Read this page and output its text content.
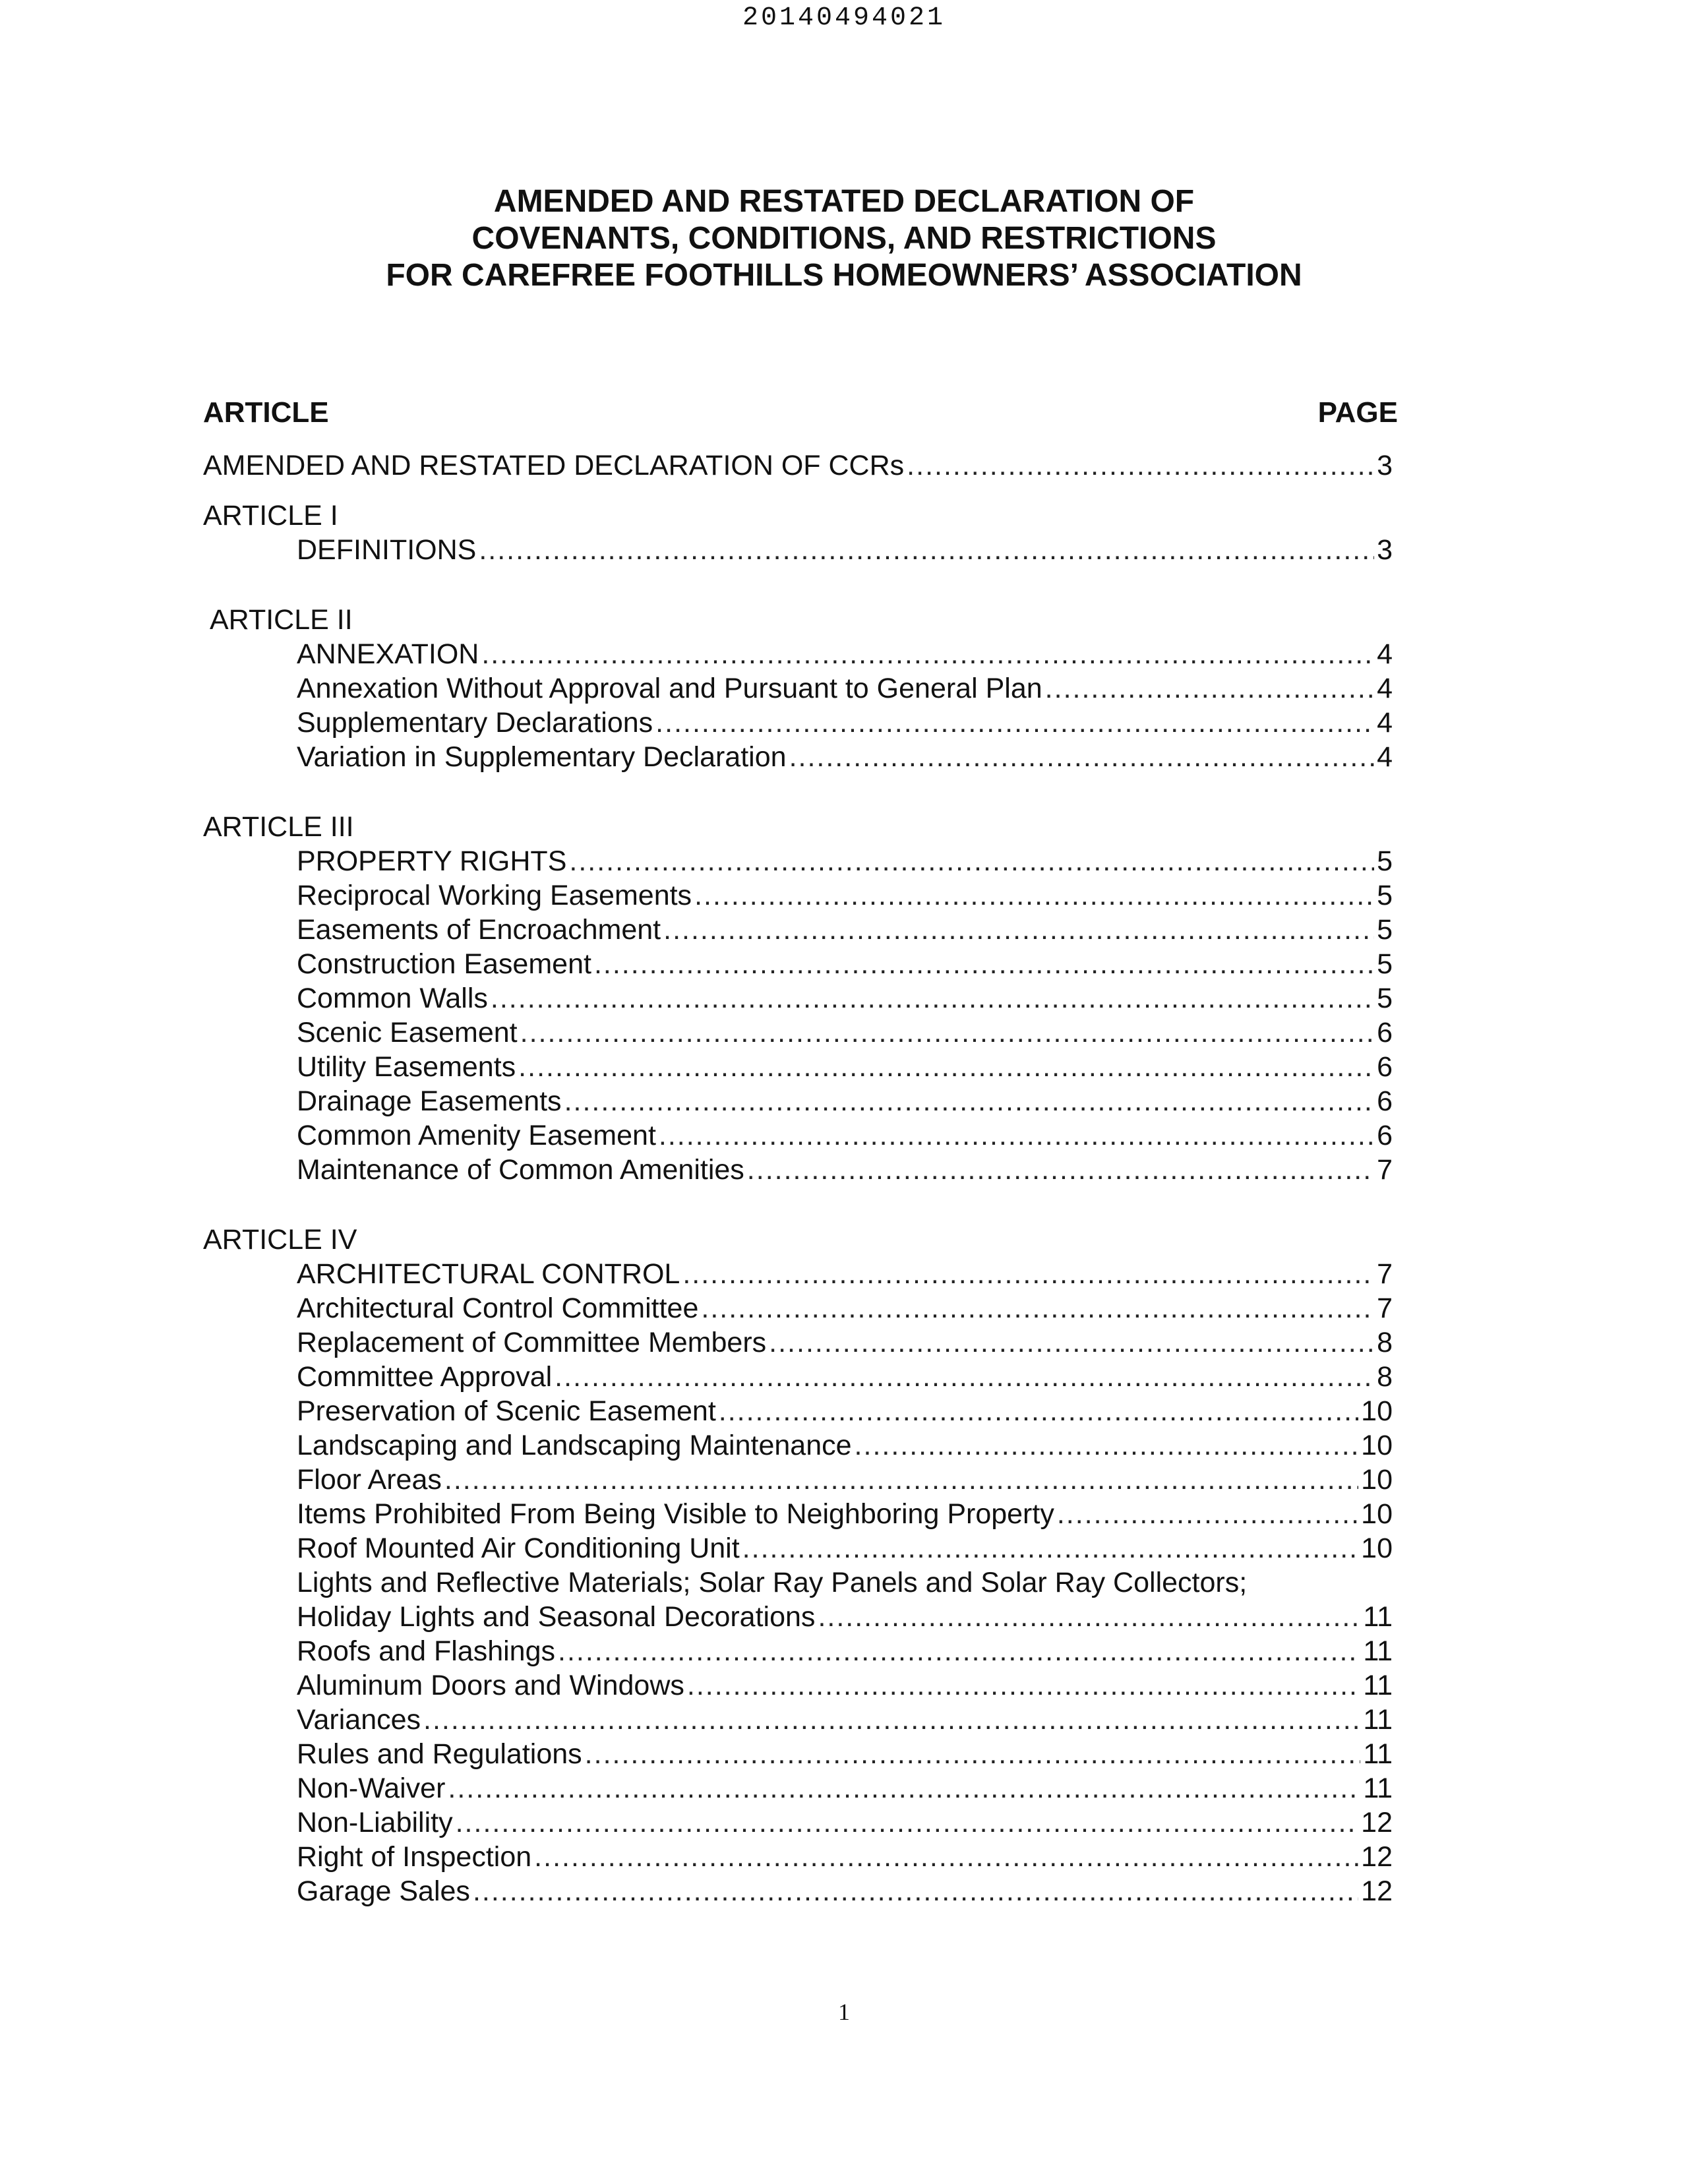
20140494021
AMENDED AND RESTATED DECLARATION OF
COVENANTS, CONDITIONS, AND RESTRICTIONS
FOR CAREFREE FOOTHILLS HOMEOWNERS’ ASSOCIATION
ARTICLE	PAGE
AMENDED AND RESTATED DECLARATION OF CCRs .....	3
ARTICLE I
DEFINITIONS .....	3
ARTICLE II
ANNEXATION .....	4
Annexation Without Approval and Pursuant to General Plan .....	4
Supplementary Declarations .....	4
Variation in Supplementary Declaration .....	4
ARTICLE III
PROPERTY RIGHTS .....	5
Reciprocal Working Easements .....	5
Easements of Encroachment .....	5
Construction Easement .....	5
Common Walls .....	5
Scenic Easement .....	6
Utility Easements .....	6
Drainage Easements .....	6
Common Amenity Easement .....	6
Maintenance of Common Amenities .....	7
ARTICLE IV
ARCHITECTURAL CONTROL .....	7
Architectural Control Committee .....	7
Replacement of Committee Members .....	8
Committee Approval .....	8
Preservation of Scenic Easement .....	10
Landscaping and Landscaping Maintenance .....	10
Floor Areas .....	10
Items Prohibited From Being Visible to Neighboring Property .....	10
Roof Mounted Air Conditioning Unit .....	10
Lights and Reflective Materials; Solar Ray Panels and Solar Ray Collectors;
Holiday Lights and Seasonal Decorations .....	11
Roofs and Flashings .....	11
Aluminum Doors and Windows .....	11
Variances .....	11
Rules and Regulations .....	11
Non-Waiver .....	11
Non-Liability .....	12
Right of Inspection .....	12
Garage Sales .....	12
1
